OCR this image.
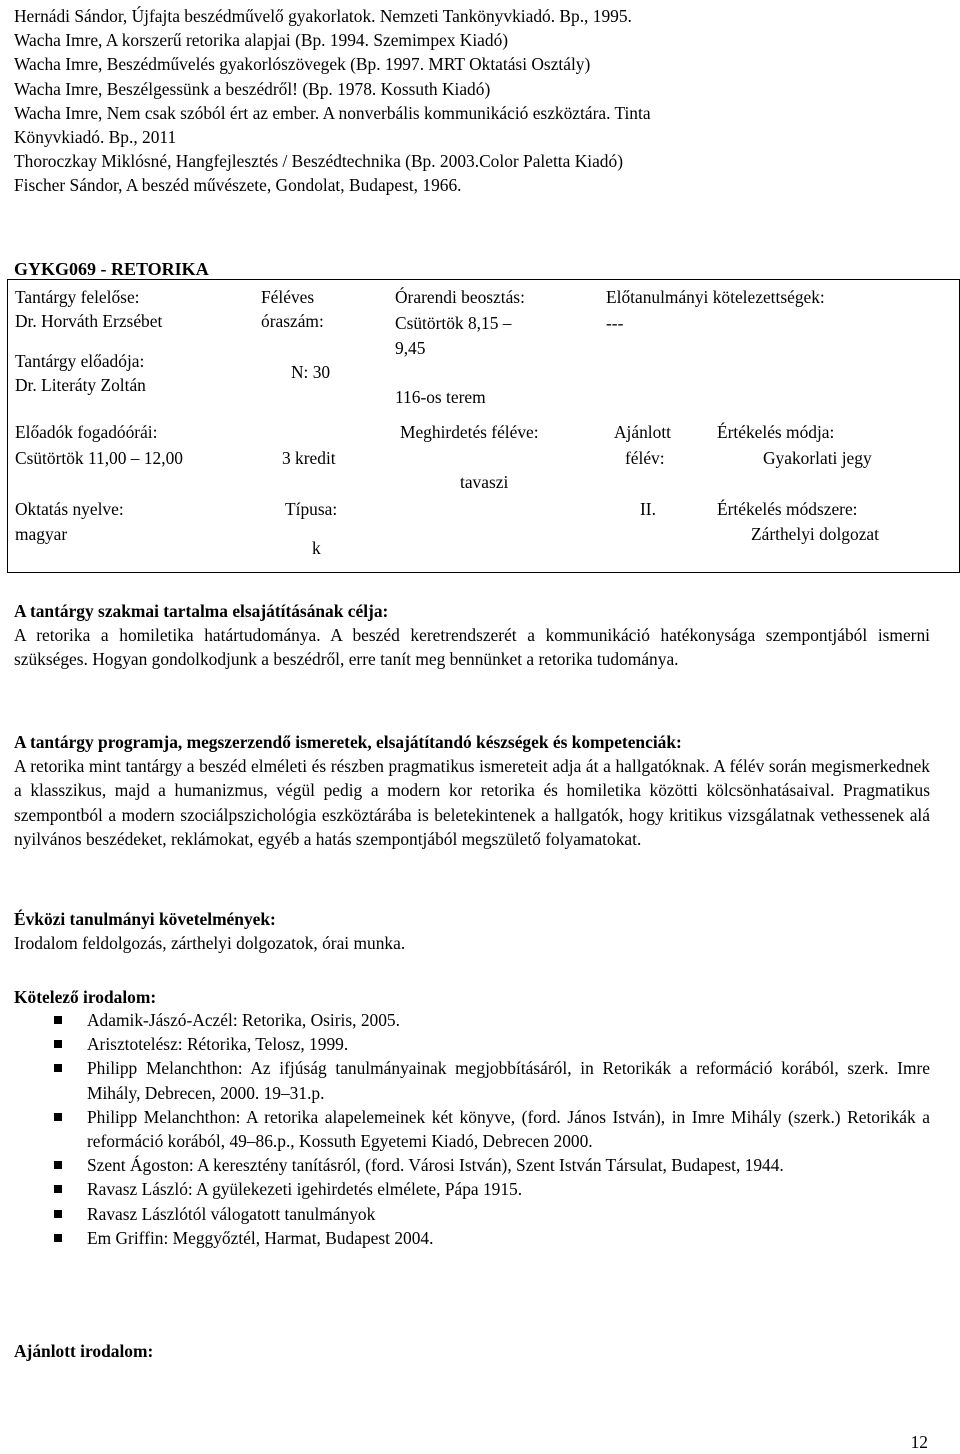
Hernádi Sándor, Újfajta beszédművelő gyakorlatok. Nemzeti Tankönyvkiadó. Bp., 1995.
Wacha Imre, A korszerű retorika alapjai (Bp. 1994. Szemimpex Kiadó)
Wacha Imre, Beszédművelés gyakorlószövegek (Bp. 1997. MRT Oktatási Osztály)
Wacha Imre, Beszélgessünk a beszédről! (Bp. 1978. Kossuth Kiadó)
Wacha Imre, Nem csak szóból ért az ember. A nonverbális kommunikáció eszköztára. Tinta
Könyvkiadó. Bp., 2011
Thoroczkay Miklósné, Hangfejlesztés / Beszédtechnika (Bp. 2003.Color Paletta Kiadó)
Fischer Sándor, A beszéd művészete, Gondolat, Budapest, 1966.
GYKG069 - RETORIKA
Tantárgy felelőse:
Dr. Horváth Erzsébet
Tantárgy előadója:
Dr. Literáty Zoltán
Előadók fogadóórái:
Csütörtök 11,00 – 12,00
Oktatás nyelve:
magyar
Féléves
óraszám:
N: 30
3 kredit
Típusa:
k
Órarendi beosztás:
Csütörtök 8,15 –
9,45
116-os terem
Meghirdetés féléve:
tavaszi
Előtanulmányi kötelezettségek:
---
Ajánlott
félév:
II.
Értékelés módja:
Gyakorlati jegy
Értékelés módszere:
Zárthelyi dolgozat
A tantárgy szakmai tartalma elsajátításának célja:

A retorika a homiletika határtudománya. A beszéd keretrendszerét a kommunikáció hatékonysága szempontjából ismerni szükséges. Hogyan gondolkodjunk a beszédről, erre tanít meg bennünket a retorika tudománya.

A tantárgy programja, megszerzendő ismeretek, elsajátítandó készségek és kompetenciák:

A retorika mint tantárgy a beszéd elméleti és részben pragmatikus ismereteit adja át a hallgatóknak. A félév során megismerkednek a klasszikus, majd a humanizmus, végül pedig a modern kor retorika és homiletika közötti kölcsönhatásaival. Pragmatikus szempontból a modern szociálpszichológia eszköztárába is beletekintenek a hallgatók, hogy kritikus vizsgálatnak vethessenek alá nyilvános beszédeket, reklámokat, egyéb a hatás szempontjából megszülető folyamatokat.

Évközi tanulmányi követelmények:

Irodalom feldolgozás, zárthelyi dolgozatok, órai munka.

Kötelező irodalom:
Adamik-Jászó-Aczél: Retorika, Osiris, 2005.
Arisztotelész: Rétorika, Telosz, 1999.
Philipp Melanchthon: Az ifjúság tanulmányainak megjobbításáról, in Retorikák a reformáció korából, szerk. Imre Mihály, Debrecen, 2000. 19–31.p.
Philipp Melanchthon: A retorika alapelemeinek két könyve, (ford. János István), in Imre Mihály (szerk.) Retorikák a reformáció korából, 49–86.p., Kossuth Egyetemi Kiadó, Debrecen 2000.
Szent Ágoston: A keresztény tanításról, (ford. Városi István), Szent István Társulat, Budapest, 1944.
Ravasz László: A gyülekezeti igehirdetés elmélete, Pápa 1915.
Ravasz Lászlótól válogatott tanulmányok
Em Griffin: Meggyőztél, Harmat, Budapest 2004.
Ajánlott irodalom:
12
